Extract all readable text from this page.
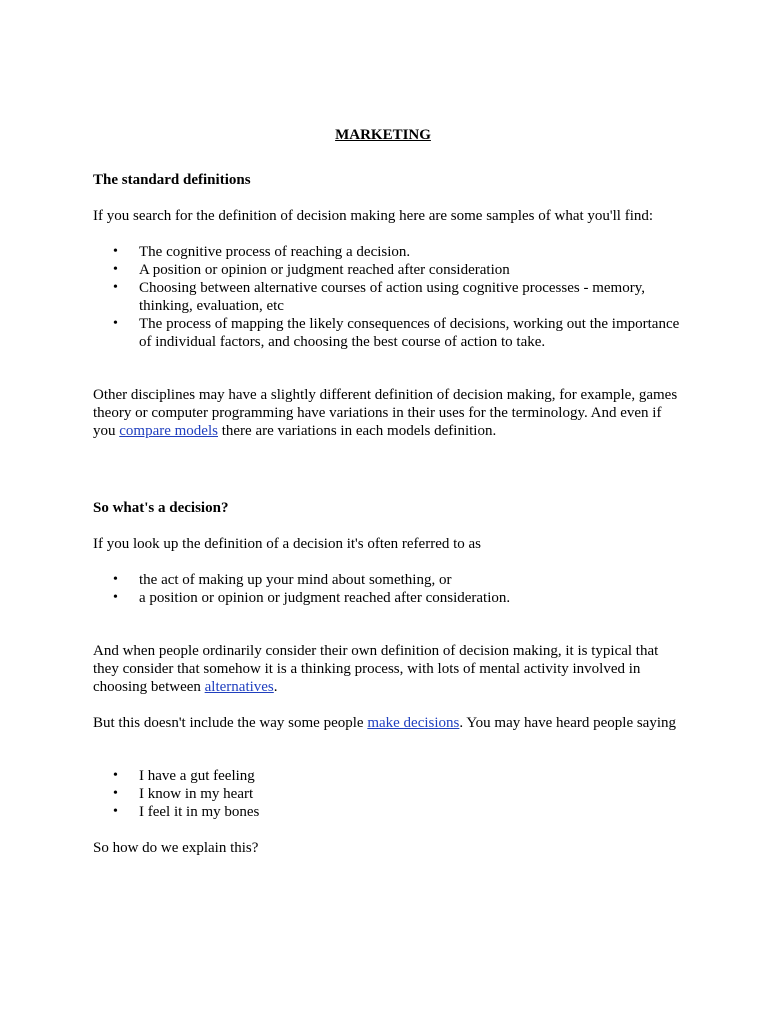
MARKETING

The standard definitions

If you search for the definition of decision making here are some samples of what you'll find:

• The cognitive process of reaching a decision.
• A position or opinion or judgment reached after consideration
• Choosing between alternative courses of action using cognitive processes - memory, thinking, evaluation, etc
• The process of mapping the likely consequences of decisions, working out the importance of individual factors, and choosing the best course of action to take.

Other disciplines may have a slightly different definition of decision making, for example, games theory or computer programming have variations in their uses for the terminology. And even if you compare models there are variations in each models definition.

So what's a decision?

If you look up the definition of a decision it's often referred to as

• the act of making up your mind about something, or
• a position or opinion or judgment reached after consideration.

And when people ordinarily consider their own definition of decision making, it is typical that they consider that somehow it is a thinking process, with lots of mental activity involved in choosing between alternatives.

But this doesn't include the way some people make decisions. You may have heard people saying

• I have a gut feeling
• I know in my heart
• I feel it in my bones

So how do we explain this?
